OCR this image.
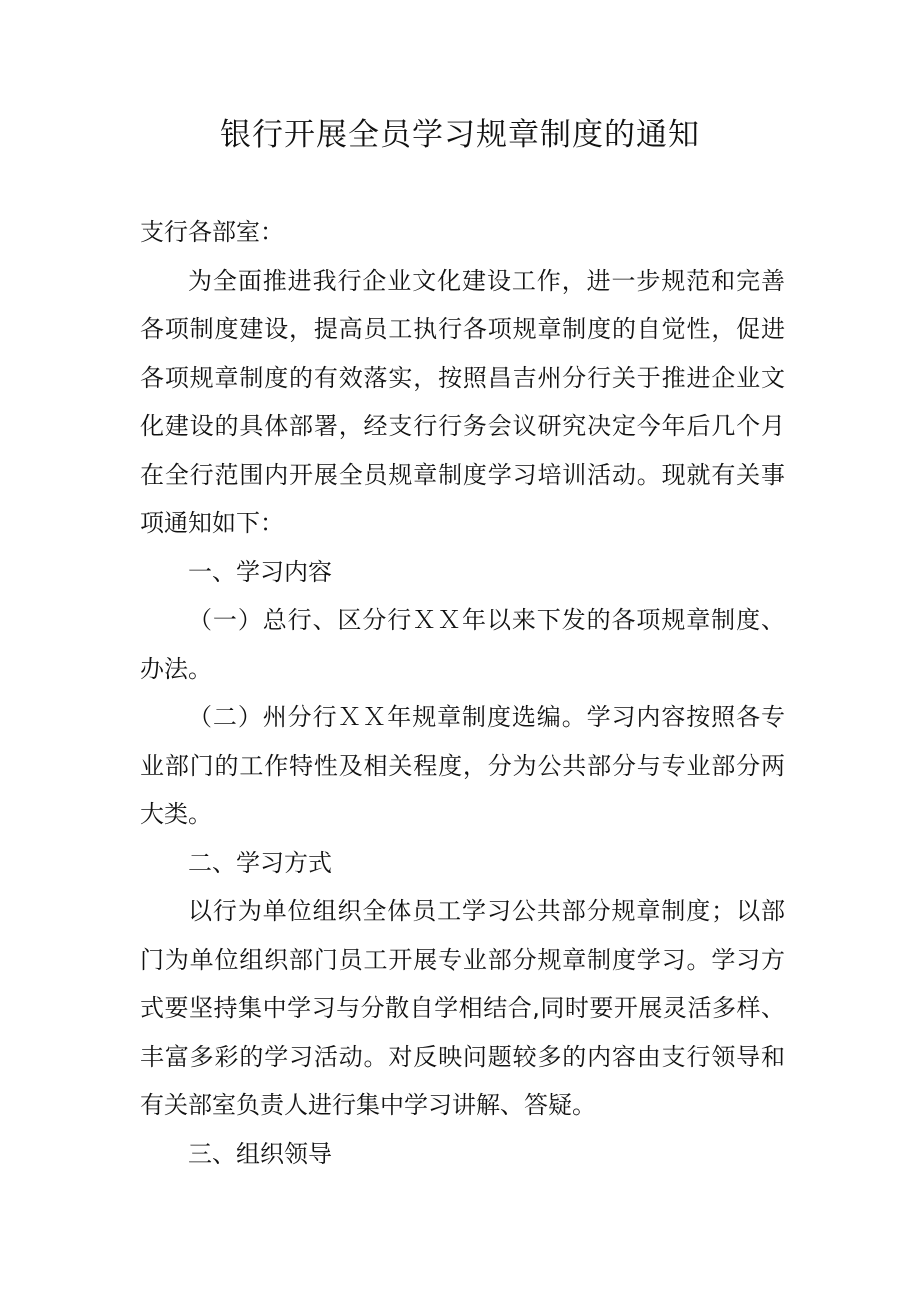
银行开展全员学习规章制度的通知

支行各部室：

为全面推进我行企业文化建设工作，进一步规范和完善各项制度建设，提高员工执行各项规章制度的自觉性，促进各项规章制度的有效落实，按照昌吉州分行关于推进企业文化建设的具体部署，经支行行务会议研究决定今年后几个月在全行范围内开展全员规章制度学习培训活动。现就有关事项通知如下：

一、学习内容

（一）总行、区分行ＸＸ年以来下发的各项规章制度、办法。

（二）州分行ＸＸ年规章制度选编。学习内容按照各专业部门的工作特性及相关程度，分为公共部分与专业部分两大类。

二、学习方式

以行为单位组织全体员工学习公共部分规章制度；以部门为单位组织部门员工开展专业部分规章制度学习。学习方式要坚持集中学习与分散自学相结合,同时要开展灵活多样、丰富多彩的学习活动。对反映问题较多的内容由支行领导和有关部室负责人进行集中学习讲解、答疑。

三、组织领导
